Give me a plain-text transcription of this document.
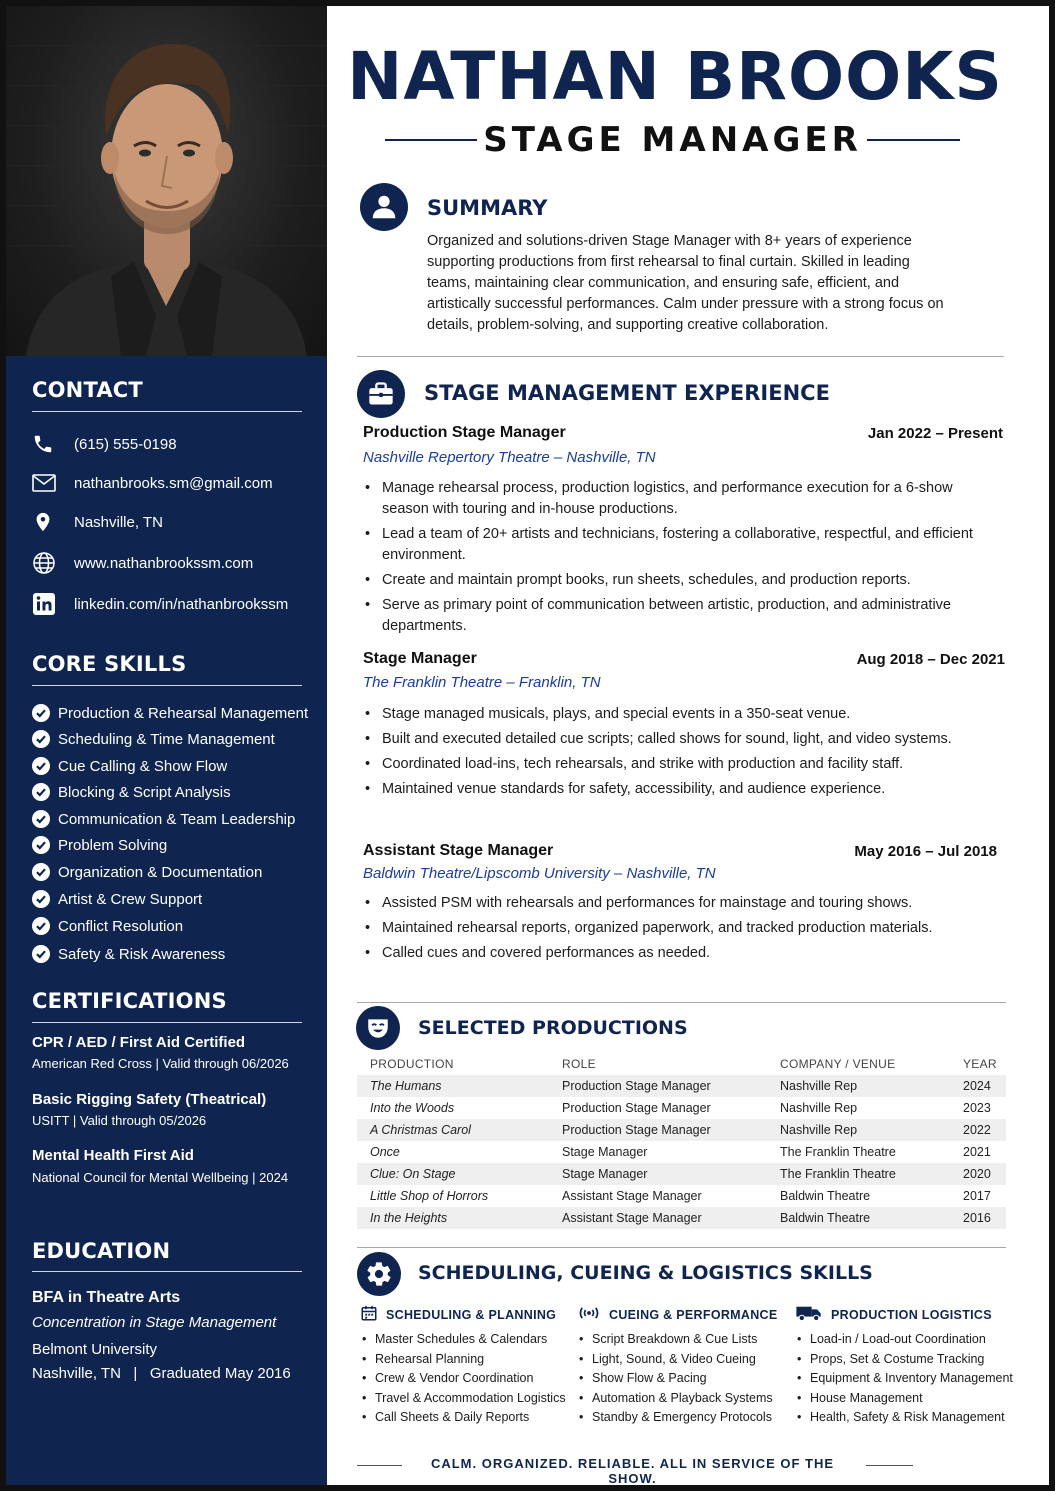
CONTACT
(615) 555-0198
nathanbrooks.sm@gmail.com
Nashville, TN
www.nathanbrookssm.com
linkedin.com/in/nathanbrookssm
CORE SKILLS
Production & Rehearsal Management
Scheduling & Time Management
Cue Calling & Show Flow
Blocking & Script Analysis
Communication & Team Leadership
Problem Solving
Organization & Documentation
Artist & Crew Support
Conflict Resolution
Safety & Risk Awareness
CERTIFICATIONS
CPR / AED / First Aid Certified
American Red Cross | Valid through 06/2026
Basic Rigging Safety (Theatrical)
USITT | Valid through 05/2026
Mental Health First Aid
National Council for Mental Wellbeing | 2024
EDUCATION
BFA in Theatre Arts
Concentration in Stage Management
Belmont University
Nashville, TN   |   Graduated May 2016
NATHAN BROOKS
STAGE MANAGER
SUMMARY
Organized and solutions-driven Stage Manager with 8+ years of experience supporting productions from first rehearsal to final curtain. Skilled in leading teams, maintaining clear communication, and ensuring safe, efficient, and artistically successful performances. Calm under pressure with a strong focus on details, problem-solving, and supporting creative collaboration.
STAGE MANAGEMENT EXPERIENCE
Production Stage Manager	Jan 2022 – Present
Nashville Repertory Theatre – Nashville, TN
• Manage rehearsal process, production logistics, and performance execution for a 6-show season with touring and in-house productions.
• Lead a team of 20+ artists and technicians, fostering a collaborative, respectful, and efficient environment.
• Create and maintain prompt books, run sheets, schedules, and production reports.
• Serve as primary point of communication between artistic, production, and administrative departments.
Stage Manager	Aug 2018 – Dec 2021
The Franklin Theatre – Franklin, TN
• Stage managed musicals, plays, and special events in a 350-seat venue.
• Built and executed detailed cue scripts; called shows for sound, light, and video systems.
• Coordinated load-ins, tech rehearsals, and strike with production and facility staff.
• Maintained venue standards for safety, accessibility, and audience experience.
Assistant Stage Manager	May 2016 – Jul 2018
Baldwin Theatre/Lipscomb University – Nashville, TN
• Assisted PSM with rehearsals and performances for mainstage and touring shows.
• Maintained rehearsal reports, organized paperwork, and tracked production materials.
• Called cues and covered performances as needed.
SELECTED PRODUCTIONS
PRODUCTION	ROLE	COMPANY / VENUE	YEAR
The Humans	Production Stage Manager	Nashville Rep	2024
Into the Woods	Production Stage Manager	Nashville Rep	2023
A Christmas Carol	Production Stage Manager	Nashville Rep	2022
Once	Stage Manager	The Franklin Theatre	2021
Clue: On Stage	Stage Manager	The Franklin Theatre	2020
Little Shop of Horrors	Assistant Stage Manager	Baldwin Theatre	2017
In the Heights	Assistant Stage Manager	Baldwin Theatre	2016
SCHEDULING, CUEING & LOGISTICS SKILLS
SCHEDULING & PLANNING
• Master Schedules & Calendars
• Rehearsal Planning
• Crew & Vendor Coordination
• Travel & Accommodation Logistics
• Call Sheets & Daily Reports
CUEING & PERFORMANCE
• Script Breakdown & Cue Lists
• Light, Sound, & Video Cueing
• Show Flow & Pacing
• Automation & Playback Systems
• Standby & Emergency Protocols
PRODUCTION LOGISTICS
• Load-in / Load-out Coordination
• Props, Set & Costume Tracking
• Equipment & Inventory Management
• House Management
• Health, Safety & Risk Management
CALM. ORGANIZED. RELIABLE. ALL IN SERVICE OF THE SHOW.
